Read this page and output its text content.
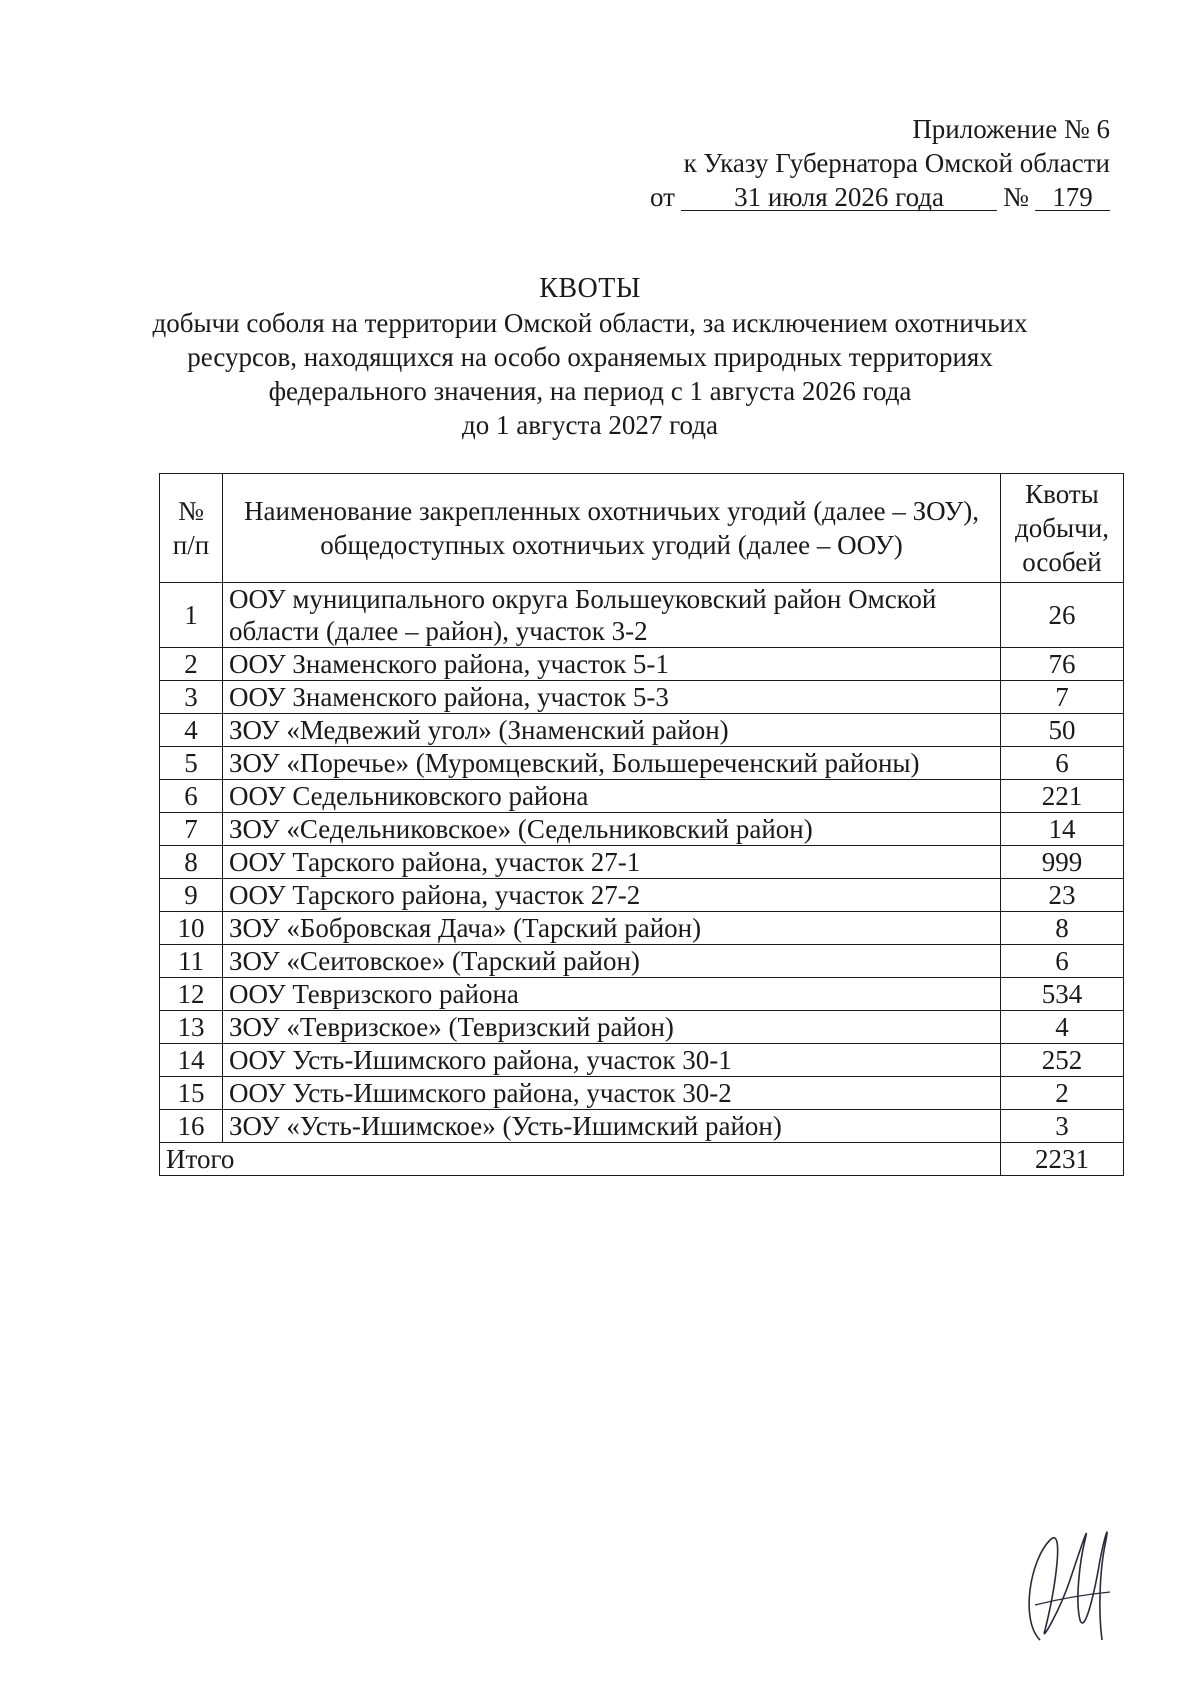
Приложение № 6
к Указу Губернатора Омской области
от	31 июля 2026 года	№ 179
КВОТЫ
добычи соболя на территории Омской области, за исключением охотничьих
ресурсов, находящихся на особо охраняемых природных территориях
федерального значения, на период с 1 августа 2026 года
до 1 августа 2027 года
№ п/п	Наименование закрепленных охотничьих угодий (далее – ЗОУ), общедоступных охотничьих угодий (далее – ООУ)	Квоты добычи, особей
1	ООУ муниципального округа Большеуковский район Омской области (далее – район), участок 3-2	26
2	ООУ Знаменского района, участок 5-1	76
3	ООУ Знаменского района, участок 5-3	7
4	ЗОУ «Медвежий угол» (Знаменский район)	50
5	ЗОУ «Поречье» (Муромцевский, Большереченский районы)	6
6	ООУ Седельниковского района	221
7	ЗОУ «Седельниковское» (Седельниковский район)	14
8	ООУ Тарского района, участок 27-1	999
9	ООУ Тарского района, участок 27-2	23
10	ЗОУ «Бобровская Дача» (Тарский район)	8
11	ЗОУ «Сеитовское» (Тарский район)	6
12	ООУ Тевризского района	534
13	ЗОУ «Тевризское» (Тевризский район)	4
14	ООУ Усть-Ишимского района, участок 30-1	252
15	ООУ Усть-Ишимского района, участок 30-2	2
16	ЗОУ «Усть-Ишимское» (Усть-Ишимский район)	3
Итого		2231
